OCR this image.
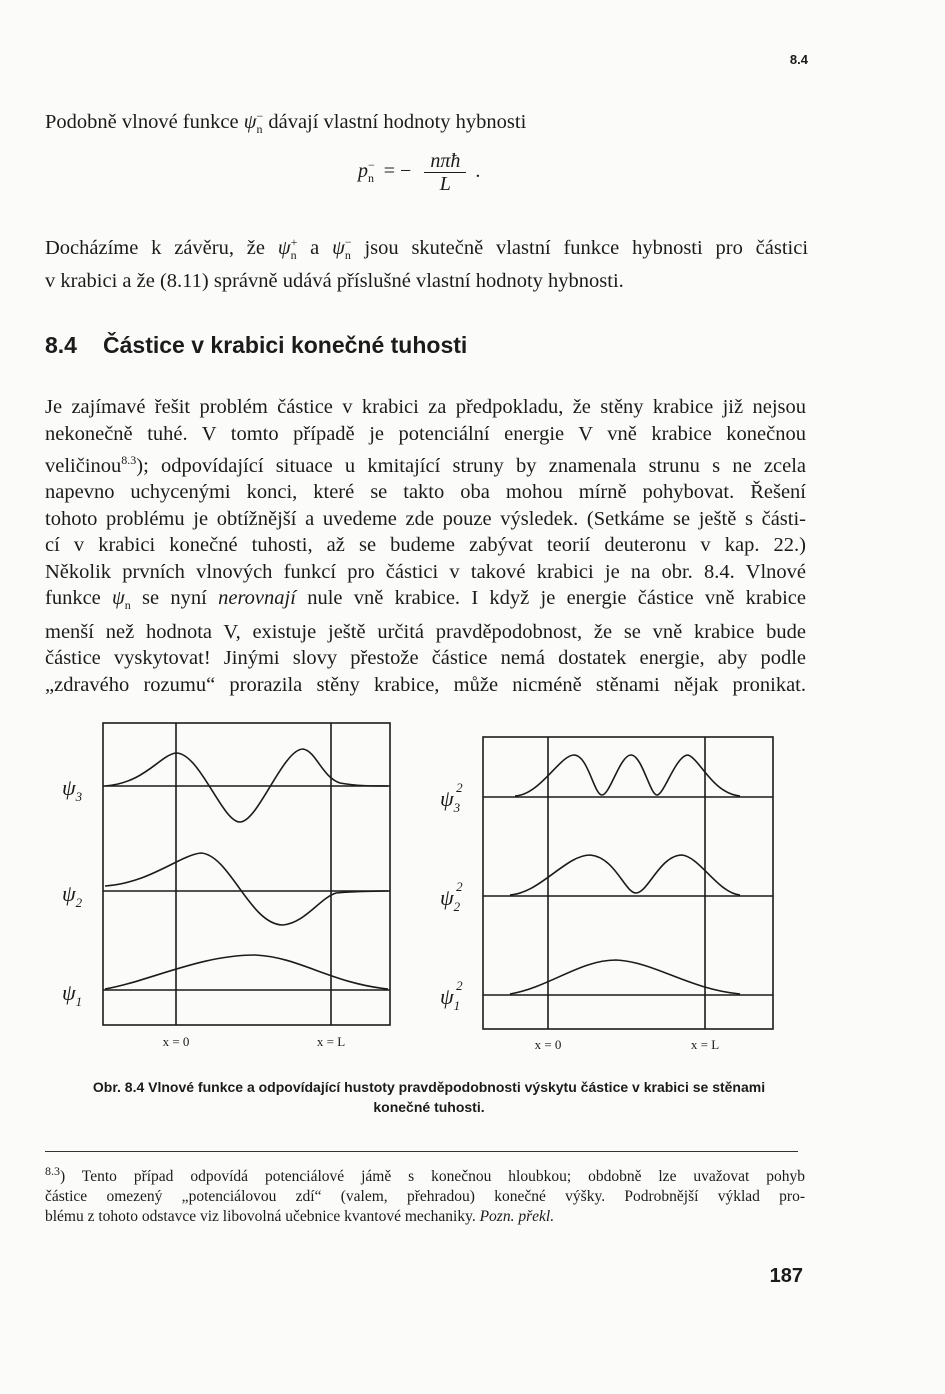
8.4
Podobně vlnové funkce $\psi_n^-$ dávají vlastní hodnoty hybnosti
$p_n^-$ = − $\frac{\text{nπħ}}{L}$ .
Docházíme k závěru, že $\psi_n^+$ a $\psi_n^-$ jsou skutečně vlastní funkce hybnosti pro částici
v krabici a že (8.11) správně udává příslušné vlastní hodnoty hybnosti.
8.4 Částice v krabici konečné tuhosti
Je zajímavé řešit problém částice v krabici za předpokladu, že stěny krabice již nejsou
nekonečně tuhé. V tomto případě je potenciální energie V vně krabice konečnou
veličinou$^{8.3}$); odpovídající situace u kmitající struny by znamenala strunu s ne zcela
napevno uchycenými konci, které se takto oba mohou mírně pohybovat. Řešení
tohoto problému je obtížnější a uvedeme zde pouze výsledek. (Setkáme se ještě s části-
cí v krabici konečné tuhosti, až se budeme zabývat teorií deuteronu v kap. 22.)
Několik prvních vlnových funkcí pro částici v takové krabici je na obr. 8.4. Vlnové
funkce $\psi_n$ se nyní nerovnají nule vně krabice. I když je energie částice vně krabice
menší než hodnota V, existuje ještě určitá pravděpodobnost, že se vně krabice bude
částice vyskytovat! Jinými slovy přestože částice nemá dostatek energie, aby podle
„zdravého rozumu“ prorazila stěny krabice, může nicméně stěnami nějak pronikat.
$\psi_3$
$\psi_2$
$\psi_1$
$\psi_32$
$\psi_22$
$\psi_12$
x = 0	x = L	x = 0	x = L
Obr. 8.4 Vlnové funkce a odpovídající hustoty pravděpodobnosti výskytu částice v krabici se stěnami
konečné tuhosti.
$^{8.3}$) Tento případ odpovídá potenciálové jámě s konečnou hloubkou; obdobně lze uvažovat pohyb
částice omezený „potenciálovou zdí“ (valem, přehradou) konečné výšky. Podrobnější výklad pro-
blému z tohoto odstavce viz libovolná učebnice kvantové mechaniky. Pozn. překl.
187
